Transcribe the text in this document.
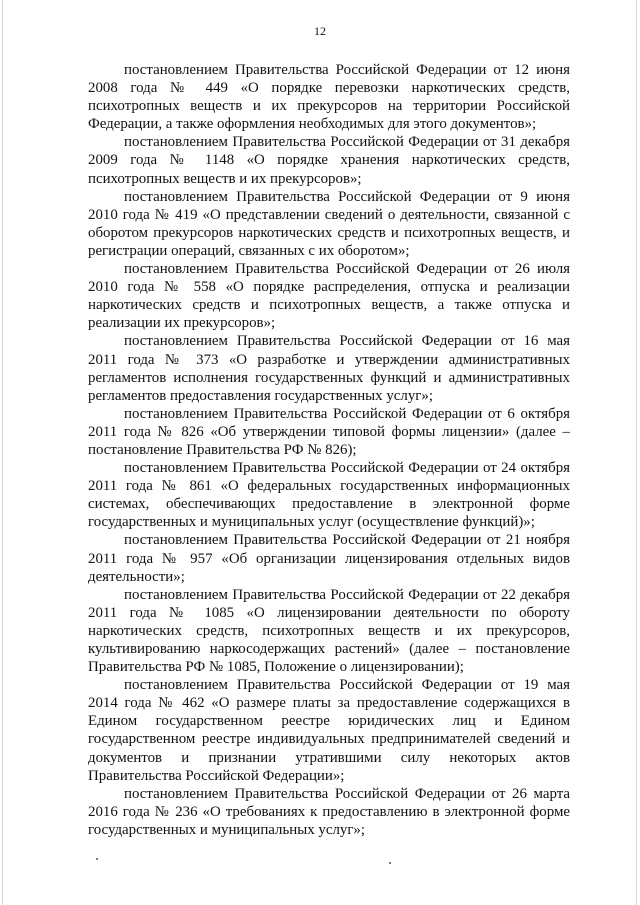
12

постановлением Правительства Российской Федерации от 12 июня 2008 года № 449 «О порядке перевозки наркотических средств, психотропных веществ и их прекурсоров на территории Российской Федерации, а также оформления необходимых для этого документов»;

постановлением Правительства Российской Федерации от 31 декабря 2009 года № 1148 «О порядке хранения наркотических средств, психотропных веществ и их прекурсоров»;

постановлением Правительства Российской Федерации от 9 июня 2010 года № 419 «О представлении сведений о деятельности, связанной с оборотом прекурсоров наркотических средств и психотропных веществ, и регистрации операций, связанных с их оборотом»;

постановлением Правительства Российской Федерации от 26 июля 2010 года № 558 «О порядке распределения, отпуска и реализации наркотических средств и психотропных веществ, а также отпуска и реализации их прекурсоров»;

постановлением Правительства Российской Федерации от 16 мая 2011 года № 373 «О разработке и утверждении административных регламентов исполнения государственных функций и административных регламентов предоставления государственных услуг»;

постановлением Правительства Российской Федерации от 6 октября 2011 года № 826 «Об утверждении типовой формы лицензии» (далее – постановление Правительства РФ № 826);

постановлением Правительства Российской Федерации от 24 октября 2011 года № 861 «О федеральных государственных информационных системах, обеспечивающих предоставление в электронной форме государственных и муниципальных услуг (осуществление функций)»;

постановлением Правительства Российской Федерации от 21 ноября 2011 года № 957 «Об организации лицензирования отдельных видов деятельности»;

постановлением Правительства Российской Федерации от 22 декабря 2011 года № 1085 «О лицензировании деятельности по обороту наркотических средств, психотропных веществ и их прекурсоров, культивированию наркосодержащих растений» (далее – постановление Правительства РФ № 1085, Положение о лицензировании);

постановлением Правительства Российской Федерации от 19 мая 2014 года № 462 «О размере платы за предоставление содержащихся в Едином государственном реестре юридических лиц и Едином государственном реестре индивидуальных предпринимателей сведений и документов и признании утратившими силу некоторых актов Правительства Российской Федерации»;

постановлением Правительства Российской Федерации от 26 марта 2016 года № 236 «О требованиях к предоставлению в электронной форме государственных и муниципальных услуг»;
